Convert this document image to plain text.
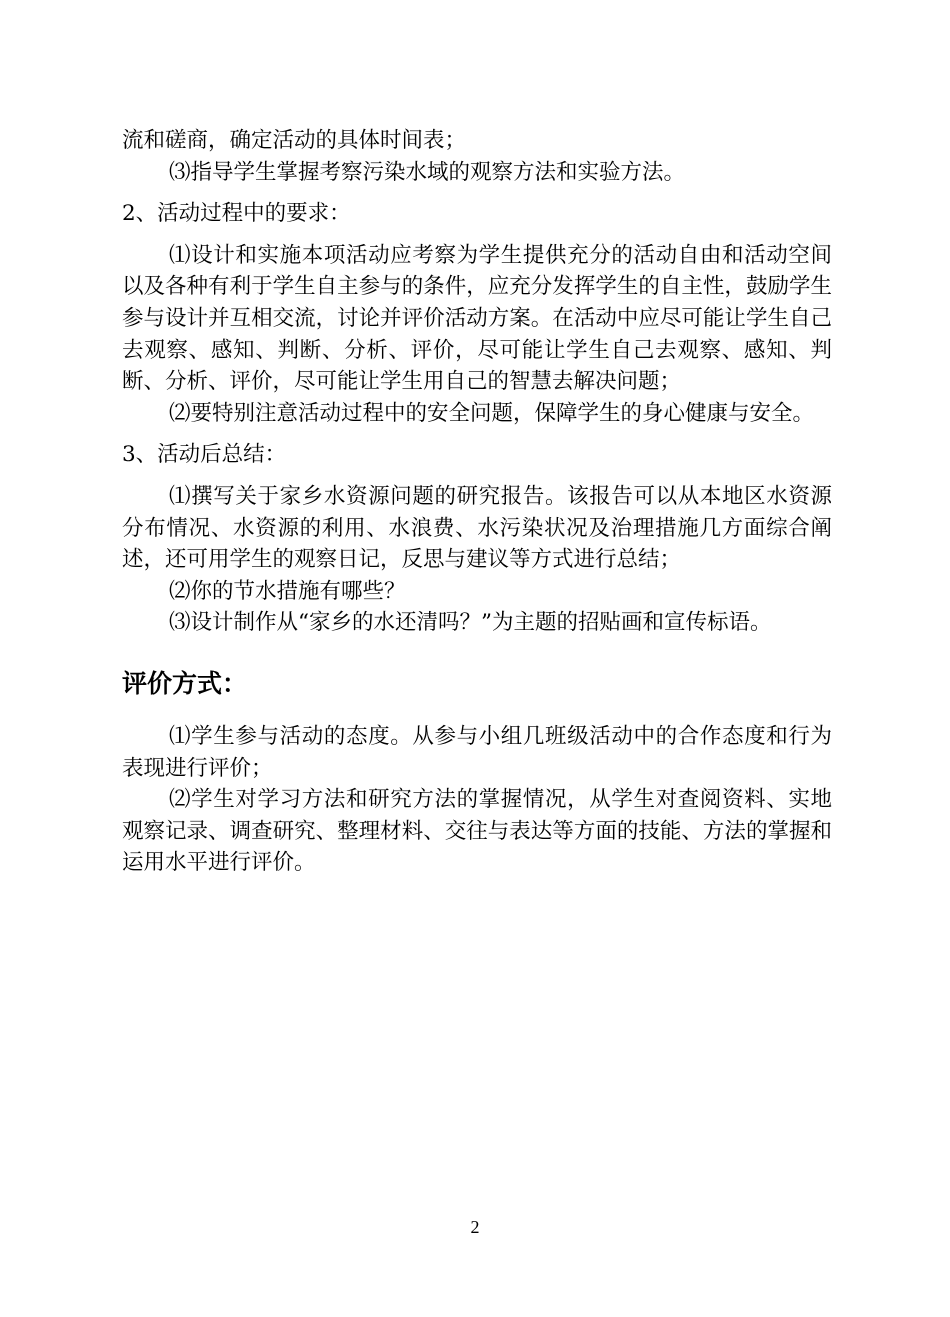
流和磋商，确定活动的具体时间表；

⑶指导学生掌握考察污染水域的观察方法和实验方法。

2、活动过程中的要求：

⑴设计和实施本项活动应考察为学生提供充分的活动自由和活动空间以及各种有利于学生自主参与的条件，应充分发挥学生的自主性，鼓励学生参与设计并互相交流，讨论并评价活动方案。在活动中应尽可能让学生自己去观察、感知、判断、分析、评价，尽可能让学生自己去观察、感知、判断、分析、评价，尽可能让学生用自己的智慧去解决问题；

⑵要特别注意活动过程中的安全问题，保障学生的身心健康与安全。

3、活动后总结：

⑴撰写关于家乡水资源问题的研究报告。该报告可以从本地区水资源分布情况、水资源的利用、水浪费、水污染状况及治理措施几方面综合阐述，还可用学生的观察日记，反思与建议等方式进行总结；

⑵你的节水措施有哪些？

⑶设计制作从“家乡的水还清吗？”为主题的招贴画和宣传标语。

评价方式：

⑴学生参与活动的态度。从参与小组几班级活动中的合作态度和行为表现进行评价；

⑵学生对学习方法和研究方法的掌握情况，从学生对查阅资料、实地观察记录、调查研究、整理材料、交往与表达等方面的技能、方法的掌握和运用水平进行评价。

2
